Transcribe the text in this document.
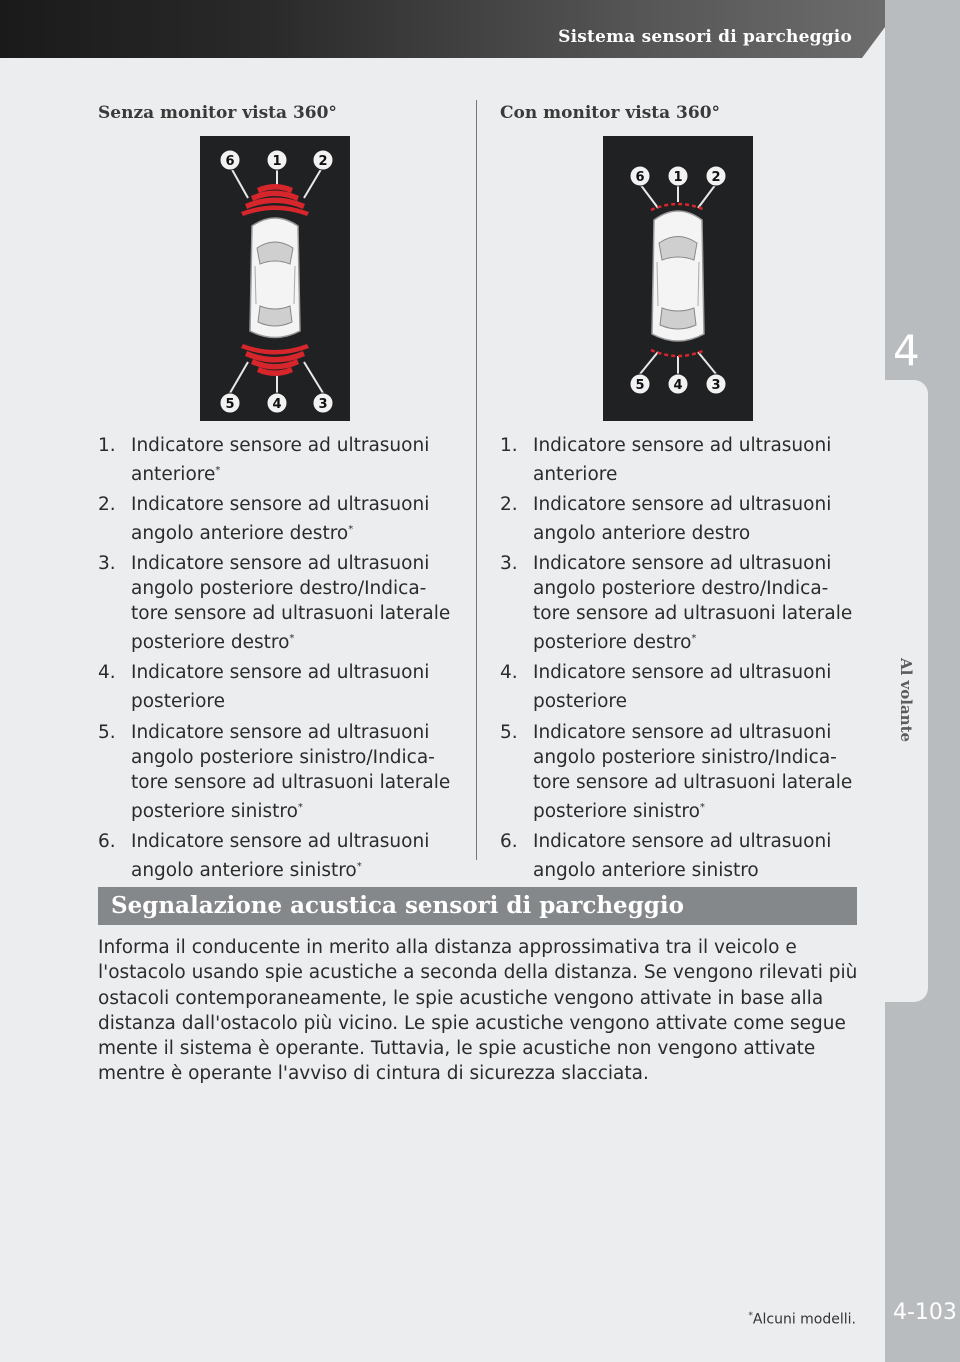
Sistema sensori di parcheggio
4
Al volante
4-103
Senza monitor vista 360°
6	1	2
5	4	3
1. Indicatore sensore ad ultrasuoni anteriore*
2. Indicatore sensore ad ultrasuoni angolo anteriore destro*
3. Indicatore sensore ad ultrasuoni angolo posteriore destro/Indica-tore sensore ad ultrasuoni laterale posteriore destro*
4. Indicatore sensore ad ultrasuoni posteriore
5. Indicatore sensore ad ultrasuoni angolo posteriore sinistro/Indica-tore sensore ad ultrasuoni laterale posteriore sinistro*
6. Indicatore sensore ad ultrasuoni angolo anteriore sinistro*
Con monitor vista 360°
6 1 2
5 4 3
1. Indicatore sensore ad ultrasuoni anteriore
2. Indicatore sensore ad ultrasuoni angolo anteriore destro
3. Indicatore sensore ad ultrasuoni angolo posteriore destro/Indica-tore sensore ad ultrasuoni laterale posteriore destro*
4. Indicatore sensore ad ultrasuoni posteriore
5. Indicatore sensore ad ultrasuoni angolo posteriore sinistro/Indica-tore sensore ad ultrasuoni laterale posteriore sinistro*
6. Indicatore sensore ad ultrasuoni angolo anteriore sinistro
Segnalazione acustica sensori di parcheggio

Informa il conducente in merito alla distanza approssimativa tra il veicolo e l'ostacolo usando spie acustiche a seconda della distanza. Se vengono rilevati più ostacoli contemporaneamente, le spie acustiche vengono attivate in base alla distanza dall'ostacolo più vicino. Le spie acustiche vengono attivate come segue mente il sistema è operante. Tuttavia, le spie acustiche non vengono attivate mentre è operante l'avviso di cintura di sicurezza slacciata.

*Alcuni modelli.
